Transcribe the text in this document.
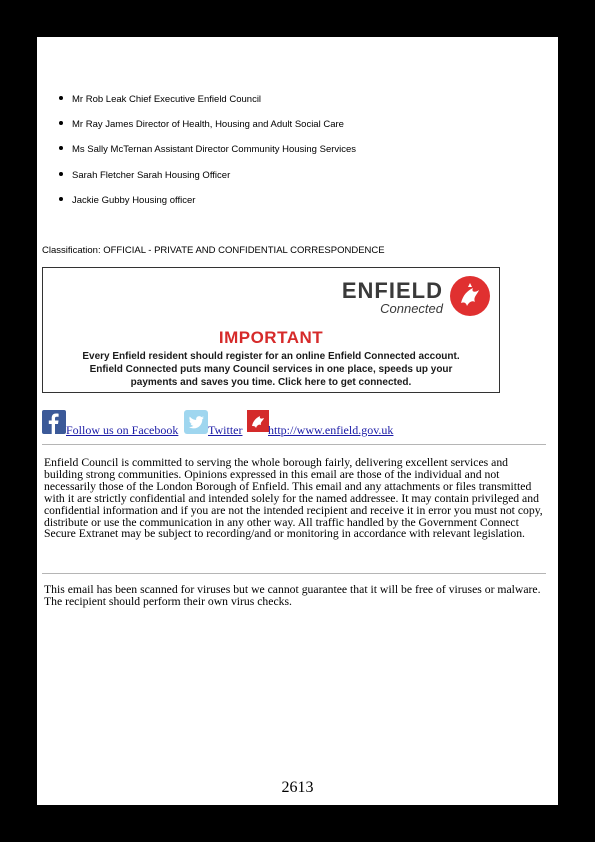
Mr Rob Leak Chief Executive Enfield Council
Mr Ray James Director of Health, Housing and Adult Social Care
Ms Sally McTernan Assistant Director Community Housing Services
Sarah Fletcher Sarah Housing Officer
Jackie Gubby Housing officer
Classification: OFFICIAL - PRIVATE AND CONFIDENTIAL CORRESPONDENCE
ENFIELD
Connected
IMPORTANT
Every Enfield resident should register for an online Enfield Connected account.
Enfield Connected puts many Council services in one place, speeds up your
payments and saves you time. Click here to get connected.
Follow us on Facebook Twitter http://www.enfield.gov.uk
Enfield Council is committed to serving the whole borough fairly, delivering excellent services and building strong communities. Opinions expressed in this email are those of the individual and not necessarily those of the London Borough of Enfield. This email and any attachments or files transmitted with it are strictly confidential and intended solely for the named addressee. It may contain privileged and confidential information and if you are not the intended recipient and receive it in error you must not copy, distribute or use the communication in any other way. All traffic handled by the Government Connect Secure Extranet may be subject to recording/and or monitoring in accordance with relevant legislation.
This email has been scanned for viruses but we cannot guarantee that it will be free of viruses or malware. The recipient should perform their own virus checks.
2613
